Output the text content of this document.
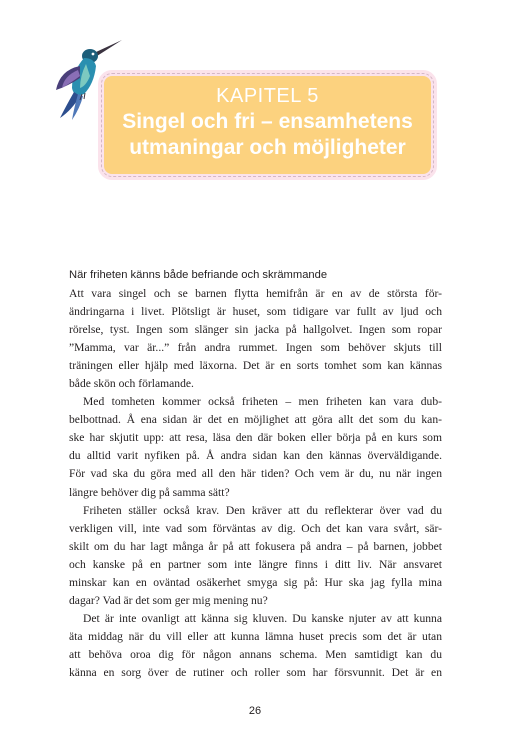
KAPITEL 5
Singel och fri – ensamhetens
utmaningar och möjligheter
När friheten känns både befriande och skrämmande
Att vara singel och se barnen flytta hemifrån är en av de största för-
ändringarna i livet. Plötsligt är huset, som tidigare var fullt av ljud och
rörelse, tyst. Ingen som slänger sin jacka på hallgolvet. Ingen som ropar
”Mamma, var är...” från andra rummet. Ingen som behöver skjuts till
träningen eller hjälp med läxorna. Det är en sorts tomhet som kan kännas
både skön och förlamande.
Med tomheten kommer också friheten – men friheten kan vara dub-
belbottnad. Å ena sidan är det en möjlighet att göra allt det som du kan-
ske har skjutit upp: att resa, läsa den där boken eller börja på en kurs som
du alltid varit nyfiken på. Å andra sidan kan den kännas överväldigande.
För vad ska du göra med all den här tiden? Och vem är du, nu när ingen
längre behöver dig på samma sätt?
Friheten ställer också krav. Den kräver att du reflekterar över vad du
verkligen vill, inte vad som förväntas av dig. Och det kan vara svårt, sär-
skilt om du har lagt många år på att fokusera på andra – på barnen, jobbet
och kanske på en partner som inte längre finns i ditt liv. När ansvaret
minskar kan en oväntad osäkerhet smyga sig på: Hur ska jag fylla mina
dagar? Vad är det som ger mig mening nu?
Det är inte ovanligt att känna sig kluven. Du kanske njuter av att kunna
äta middag när du vill eller att kunna lämna huset precis som det är utan
att behöva oroa dig för någon annans schema. Men samtidigt kan du
känna en sorg över de rutiner och roller som har försvunnit. Det är en
26
